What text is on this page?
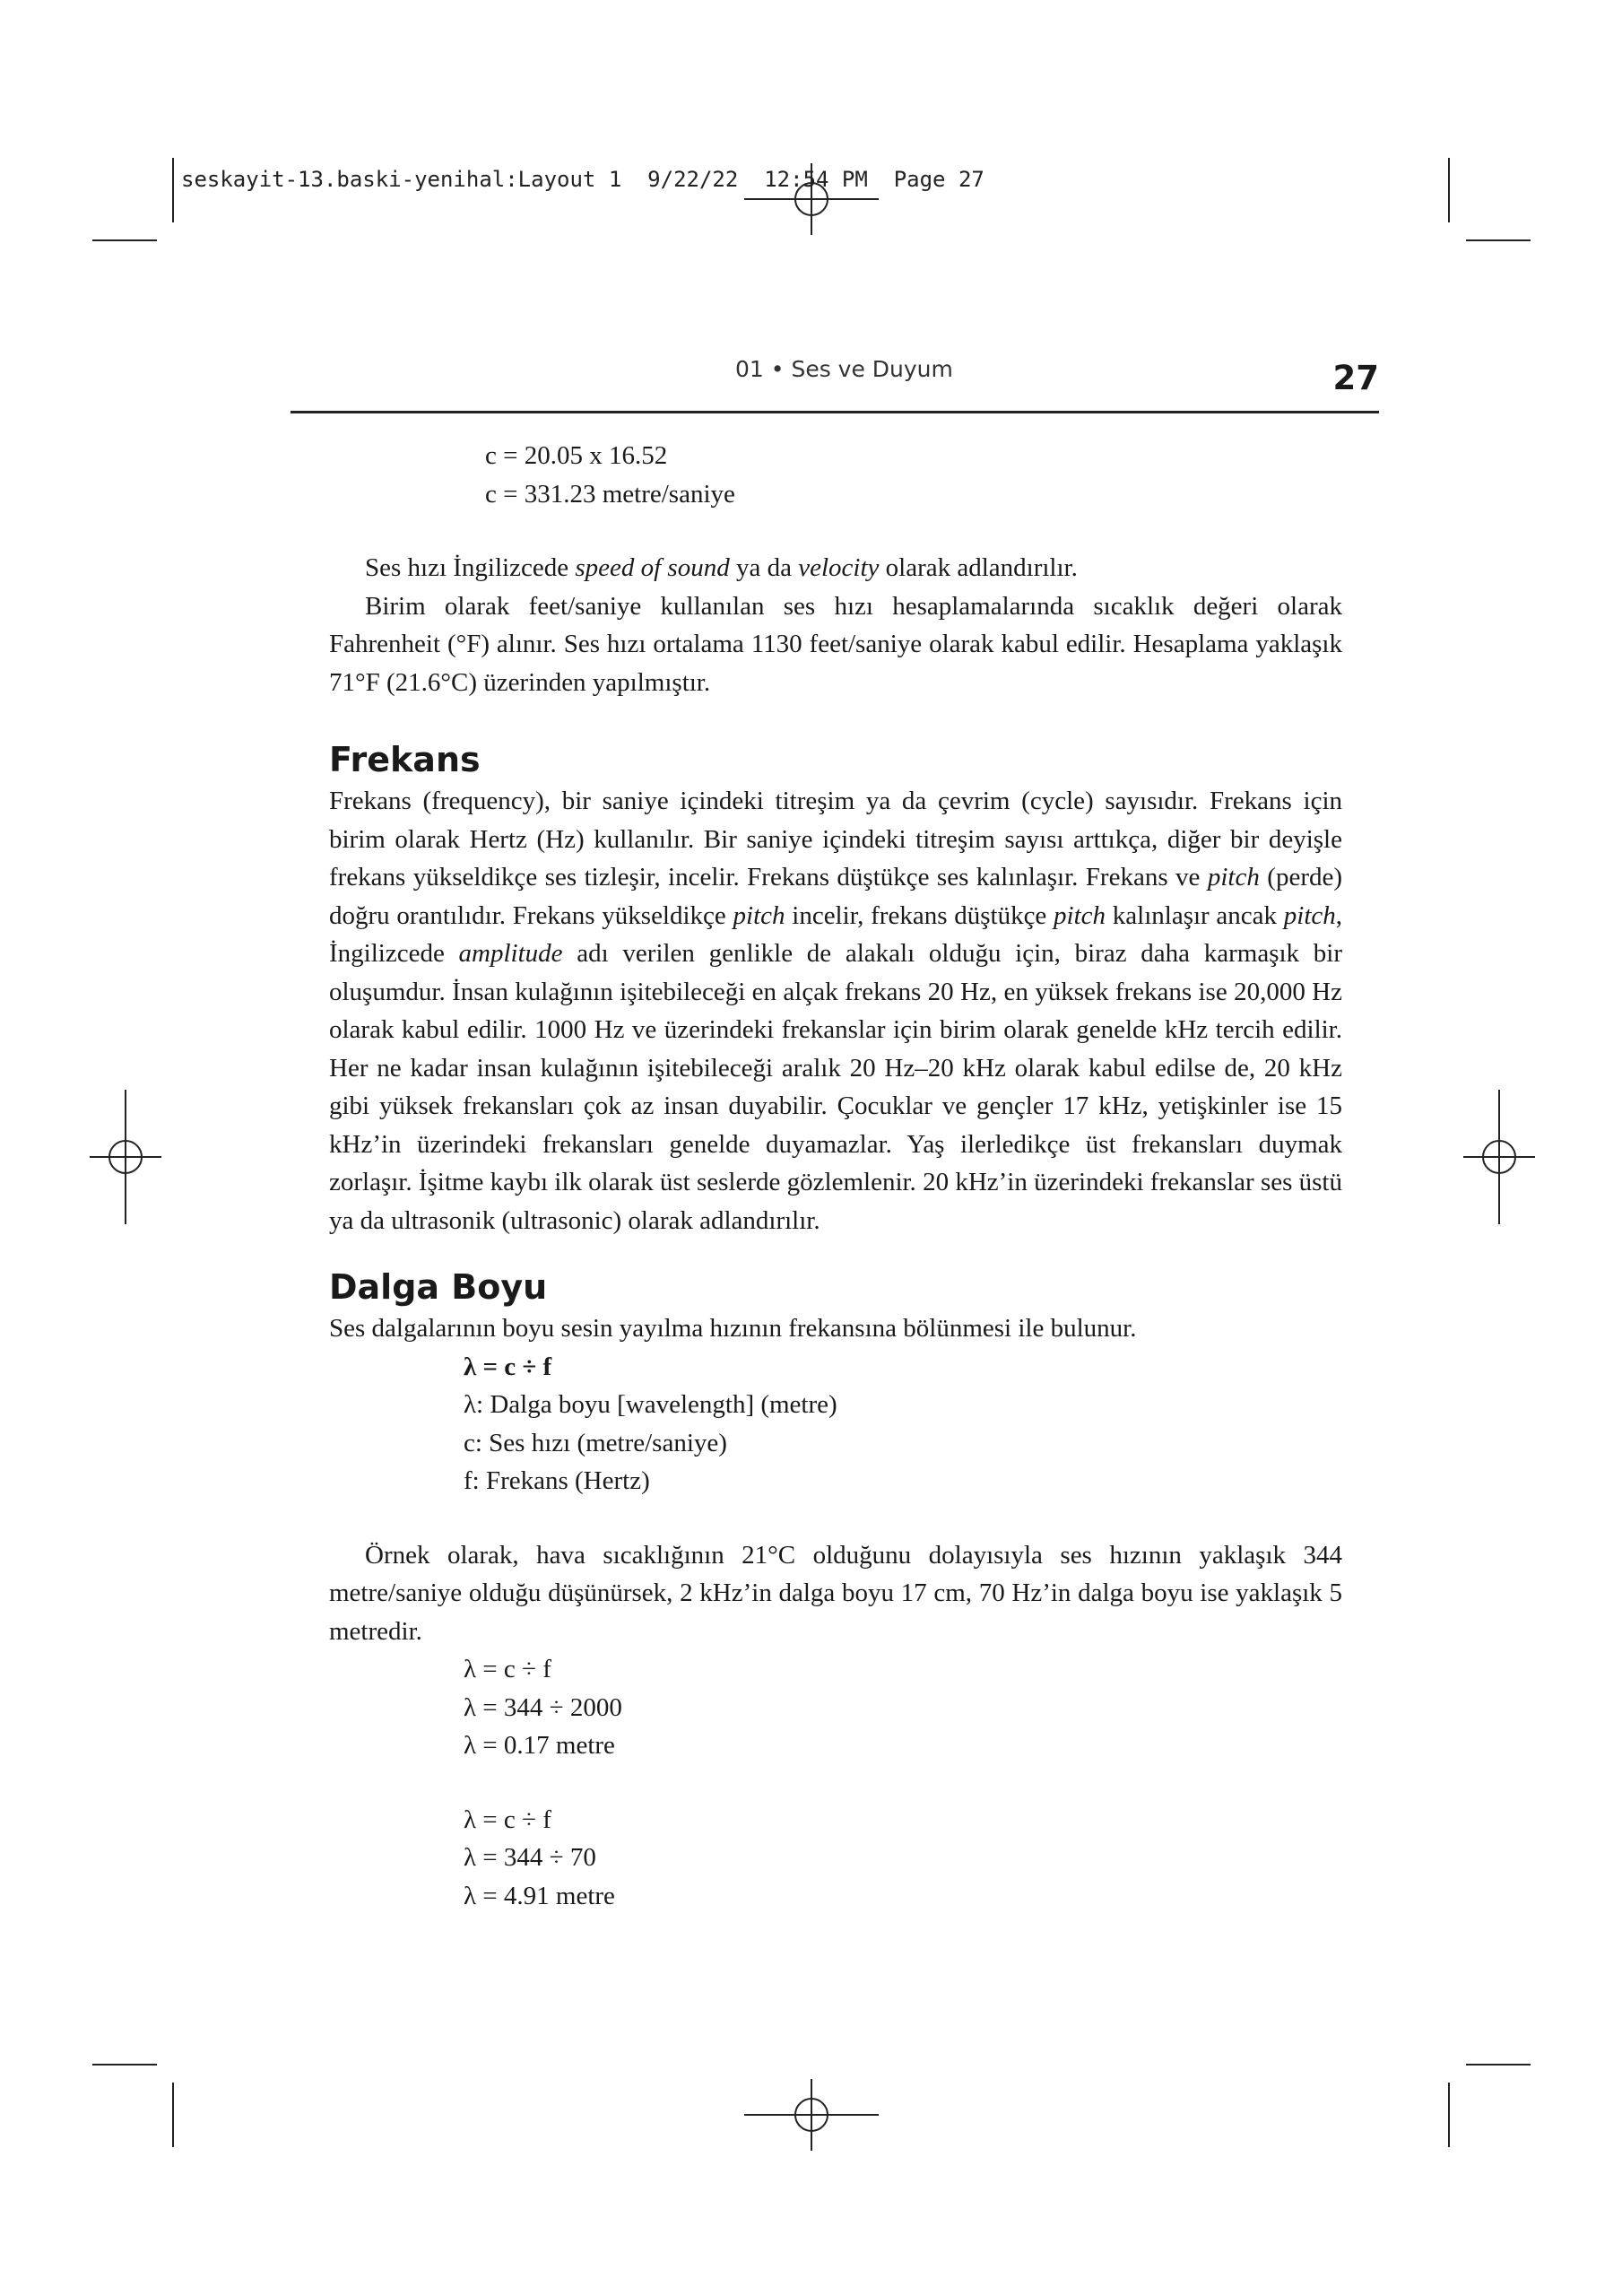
seskayit-13.baski-yenihal:Layout 1  9/22/22  12:54 PM  Page 27
01 • Ses ve Duyum	27

c = 20.05 x 16.52

c = 331.23 metre/saniye

Ses hızı İngilizcede speed of sound ya da velocity olarak adlandırılır.

Birim olarak feet/saniye kullanılan ses hızı hesaplamalarında sıcaklık değeri olarak Fahrenheit (°F) alınır. Ses hızı ortalama 1130 feet/saniye olarak kabul edilir. Hesaplama yaklaşık 71°F (21.6°C) üzerinden yapılmıştır.

Frekans

Frekans (frequency), bir saniye içindeki titreşim ya da çevrim (cycle) sayısıdır. Frekans için birim olarak Hertz (Hz) kullanılır. Bir saniye içindeki titreşim sayısı arttıkça, diğer bir deyişle frekans yükseldikçe ses tizleşir, incelir. Frekans düştükçe ses kalınlaşır. Frekans ve pitch (perde) doğru orantılıdır. Frekans yükseldikçe pitch incelir, frekans düştükçe pitch kalınlaşır ancak pitch, İngilizcede amplitude adı verilen genlikle de alakalı olduğu için, biraz daha karmaşık bir oluşumdur. İnsan kulağının işitebileceği en alçak frekans 20 Hz, en yüksek frekans ise 20,000 Hz olarak kabul edilir. 1000 Hz ve üzerindeki frekanslar için birim olarak genelde kHz tercih edilir. Her ne kadar insan kulağının işitebileceği aralık 20 Hz–20 kHz olarak kabul edilse de, 20 kHz gibi yüksek frekansları çok az insan duyabilir. Çocuklar ve gençler 17 kHz, yetişkinler ise 15 kHz’in üzerindeki frekansları genelde duyamazlar. Yaş ilerledikçe üst frekansları duymak zorlaşır. İşitme kaybı ilk olarak üst seslerde gözlemlenir. 20 kHz’in üzerindeki frekanslar ses üstü ya da ultrasonik (ultrasonic) olarak adlandırılır.

Dalga Boyu

Ses dalgalarının boyu sesin yayılma hızının frekansına bölünmesi ile bulunur.

λ = c ÷ f

λ: Dalga boyu [wavelength] (metre)

c: Ses hızı (metre/saniye)

f: Frekans (Hertz)

Örnek olarak, hava sıcaklığının 21°C olduğunu dolayısıyla ses hızının yaklaşık 344 metre/saniye olduğu düşünürsek, 2 kHz’in dalga boyu 17 cm, 70 Hz’in dalga boyu ise yaklaşık 5 metredir.

λ = c ÷ f

λ = 344 ÷ 2000

λ = 0.17 metre

λ = c ÷ f

λ = 344 ÷ 70

λ = 4.91 metre
